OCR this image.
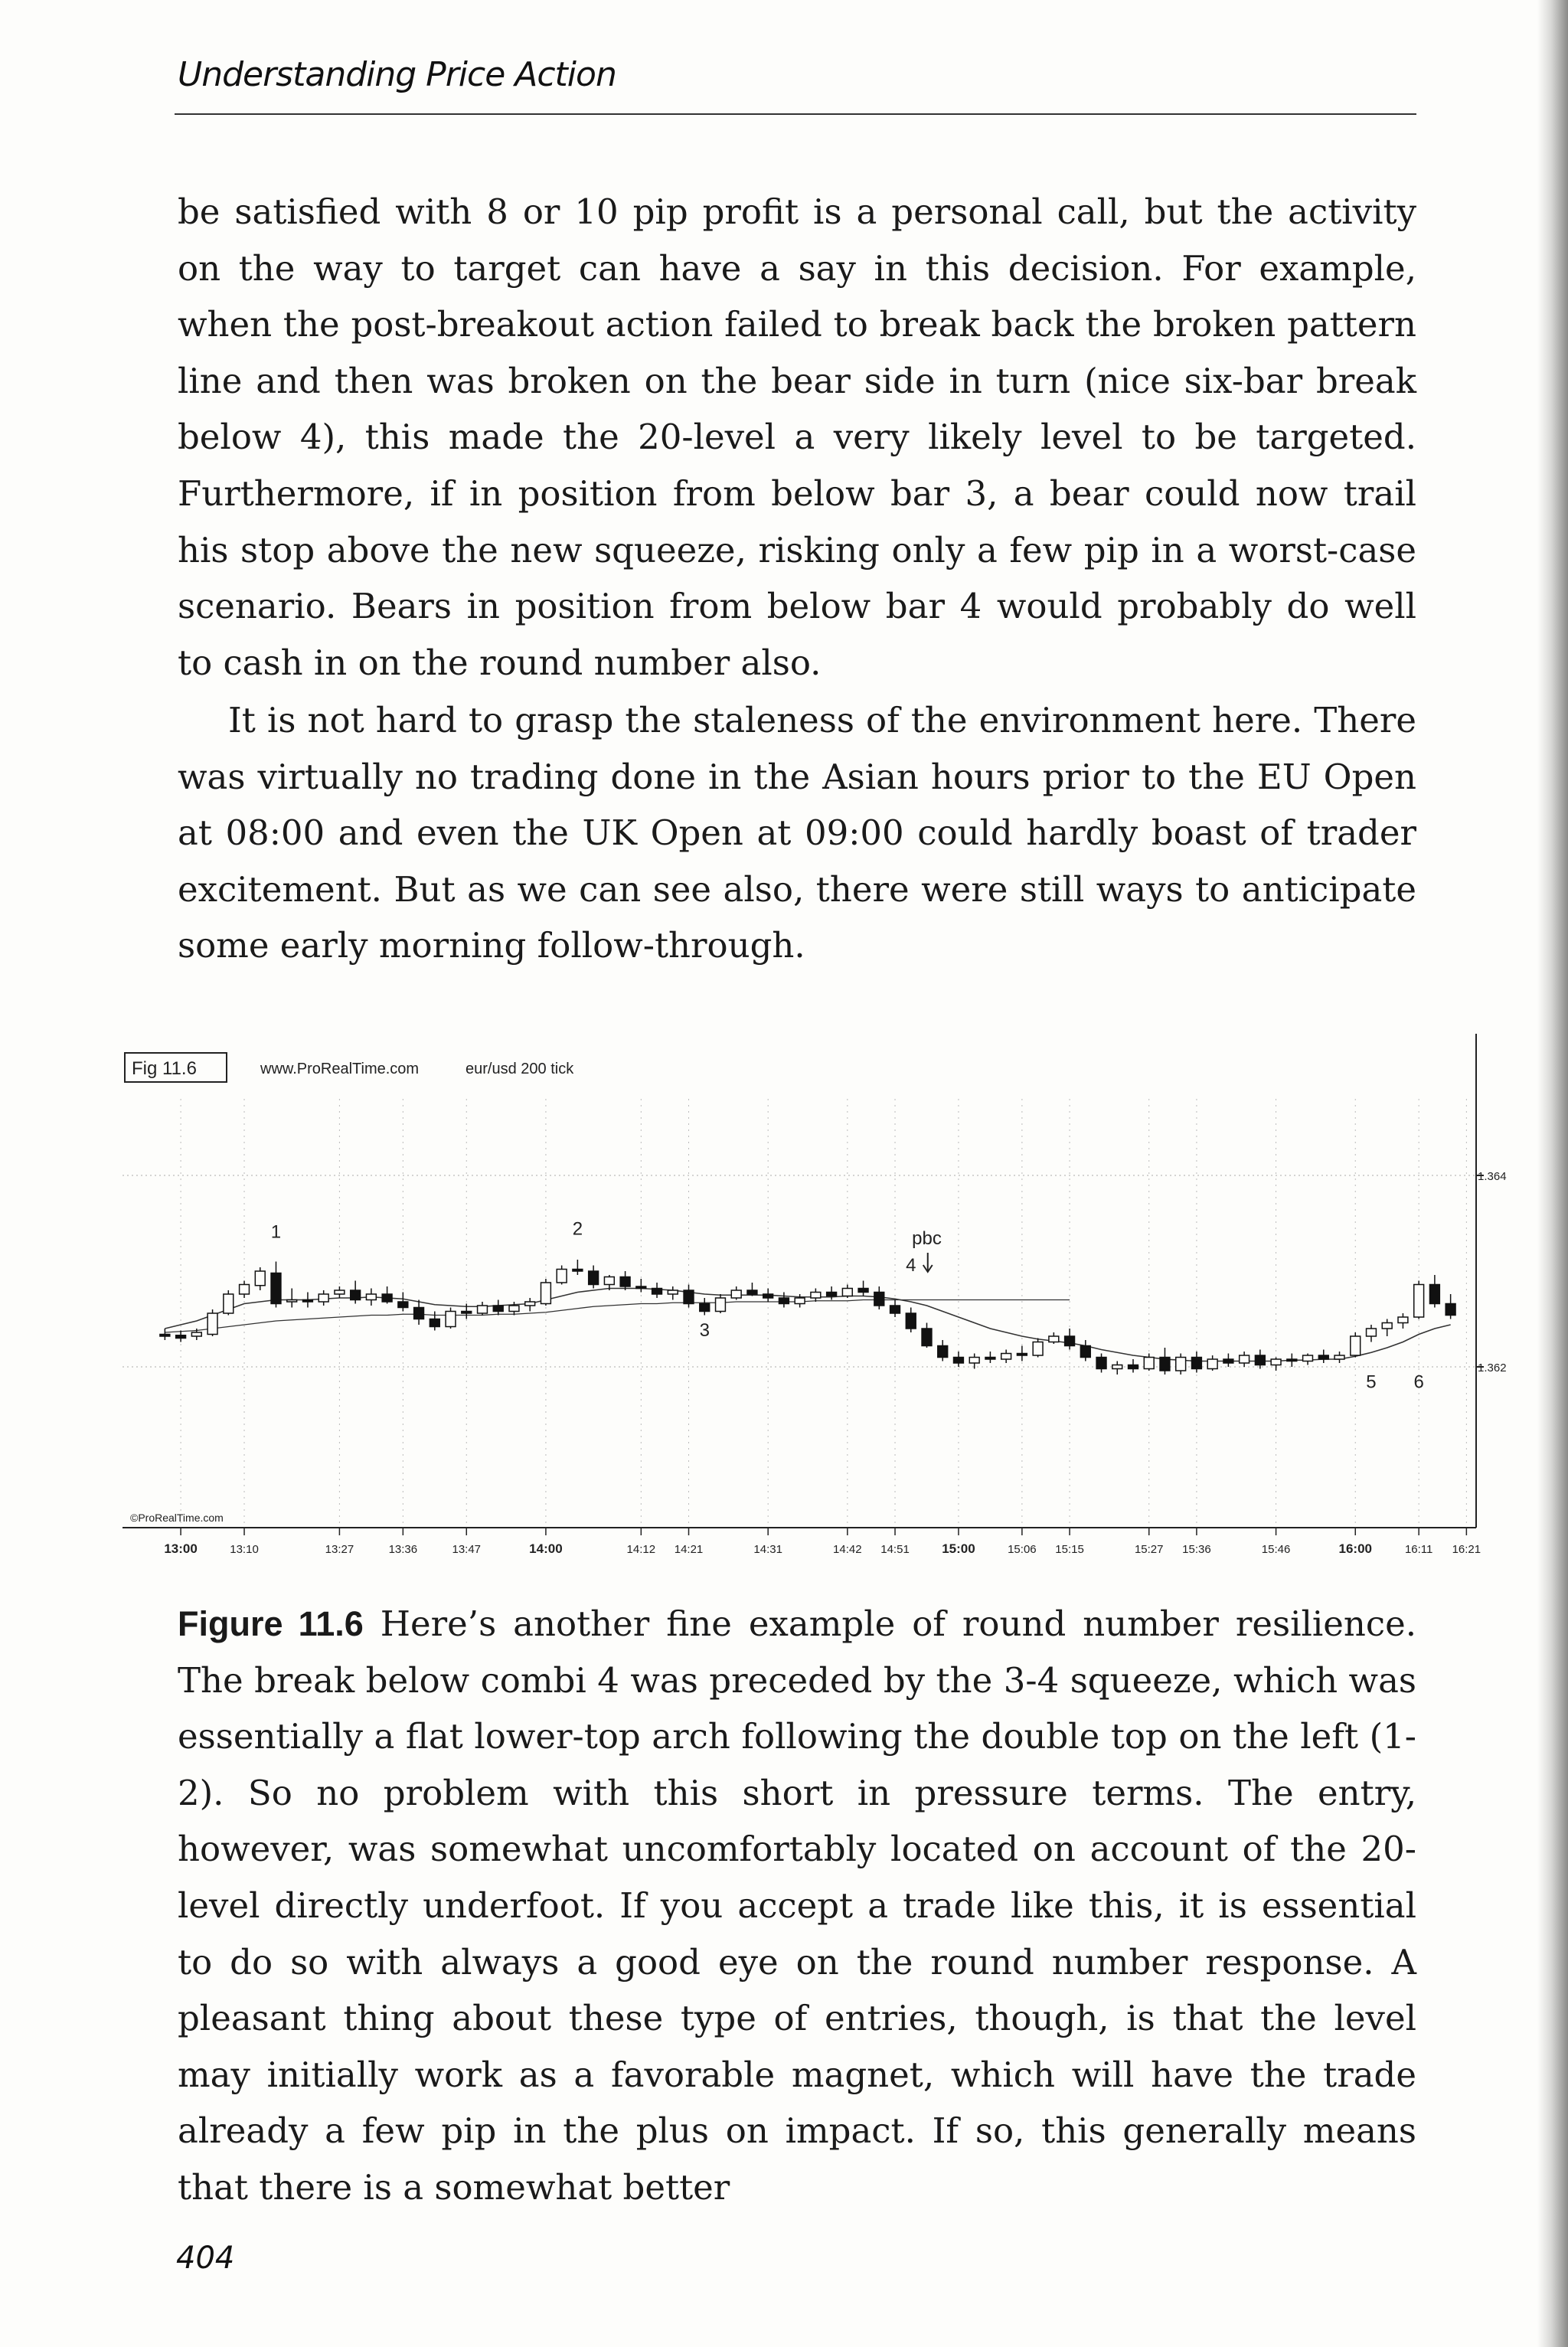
Understanding Price Action
be satisfied with 8 or 10 pip profit is a personal call, but the activity on the way to target can have a say in this decision. For example, when the post-breakout action failed to break back the broken pattern line and then was broken on the bear side in turn (nice six-bar break below 4), this made the 20-level a very likely level to be targeted. Furthermore, if in position from below bar 3, a bear could now trail his stop above the new squeeze, risking only a few pip in a worst-case scenario. Bears in position from below bar 4 would probably do well to cash in on the round number also.
It is not hard to grasp the staleness of the environment here. There was virtually no trading done in the Asian hours prior to the EU Open at 08:00 and even the UK Open at 09:00 could hardly boast of trader excitement. But as we can see also, there were still ways to anticipate some early morning follow-through.
Fig 11.6	www.ProRealTime.com	eur/usd 200 tick
©ProRealTime.com
1	2
3
pbc
4
5 6
1.364
1.362
13:00	13:10	13:27	13:36	13:47	14:00	14:12 14:21	14:31	14:42 14:51 15:00	15:06 15:15	15:27 15:36	15:46	16:00	16:11 16:21
Figure 11.6 Here’s another fine example of round number resilience. The break below combi 4 was preceded by the 3-4 squeeze, which was essentially a flat lower-top arch following the double top on the left (1-2). So no problem with this short in pressure terms. The entry, however, was somewhat uncomfortably located on account of the 20-level directly underfoot. If you accept a trade like this, it is essential to do so with always a good eye on the round number response. A pleasant thing about these type of entries, though, is that the level may initially work as a favorable magnet, which will have the trade already a few pip in the plus on impact. If so, this generally means that there is a somewhat better
404
